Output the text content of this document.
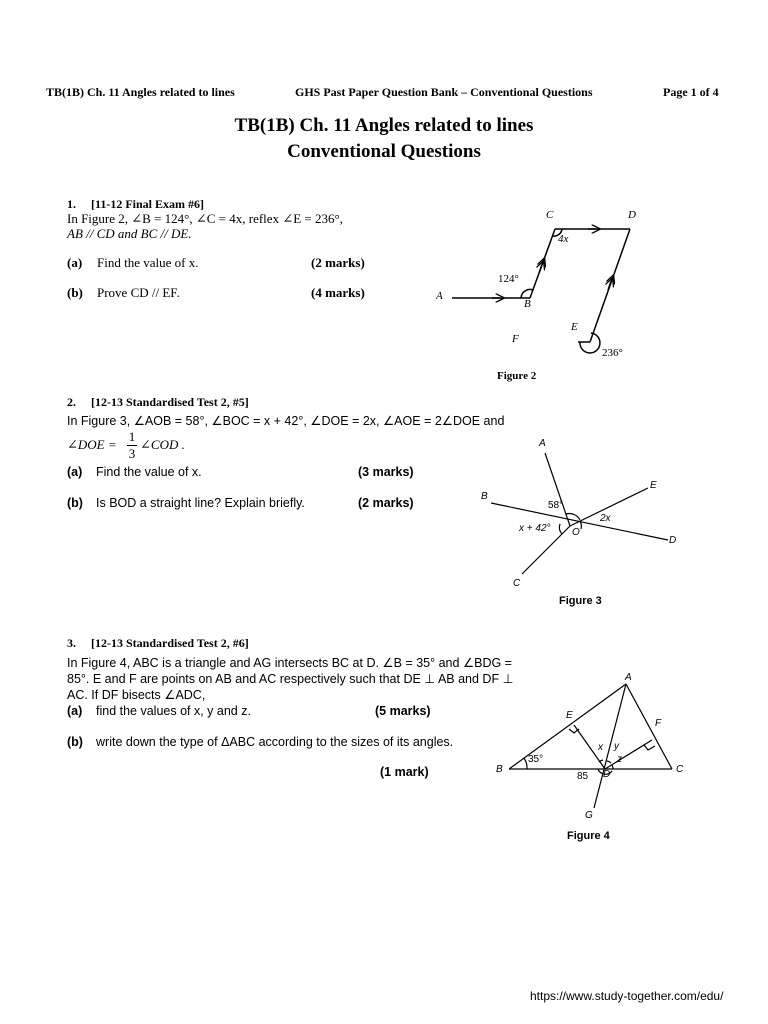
TB(1B) Ch. 11 Angles related to lines	GHS Past Paper Question Bank – Conventional Questions	Page 1 of 4
TB(1B) Ch. 11 Angles related to lines
Conventional Questions
1. [11-12 Final Exam #6]
In Figure 2, ∠B = 124°, ∠C = 4x, reflex ∠E = 236°,
AB // CD and BC // DE.
(a) Find the value of x.	(2 marks)
(b) Prove CD // EF.	(4 marks)	A
B
C	D
E
F
124°
4x
236°
Figure 2
2. [12-13 Standardised Test 2, #5]
In Figure 3, ∠AOB = 58°, ∠BOC = x + 42°, ∠DOE = 2x, ∠AOE = 2∠DOE and
∠DOE =
1
3
∠COD .
(a) Find the value of x.	(3 marks)
(b) Is BOD a straight line? Explain briefly.	(2 marks)
A
B
C
D
E
O
58°
x + 42°
2x
Figure 3
3. [12-13 Standardised Test 2, #6]
In Figure 4, ABC is a triangle and AG intersects BC at D. ∠B = 35° and ∠BDG =
85°. E and F are points on AB and AC respectively such that DE ⊥ AB and DF ⊥
AC. If DF bisects ∠ADC,
(a) find the values of x, y and z.	(5 marks)
(b) write down the type of ΔABC according to the sizes of its angles.
(1 mark)
A
B	C
D
E
F
G
x y
z
35°
85
Figure 4
https://www.study-together.com/edu/
